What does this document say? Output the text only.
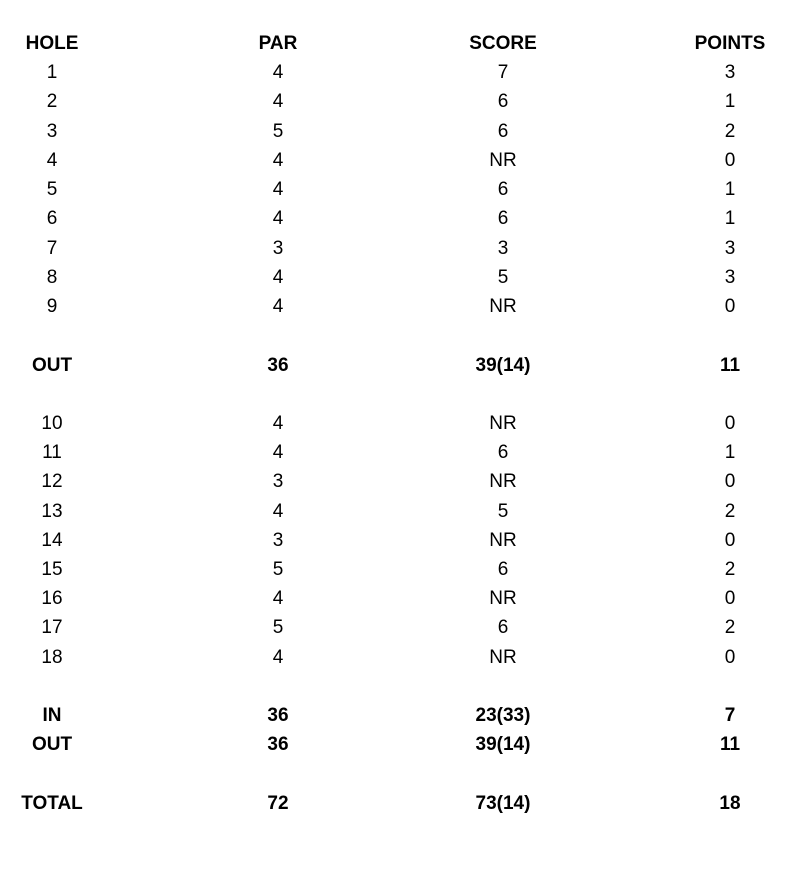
HOLE	PAR	SCORE	POINTS
1	4	7	3
2	4	6	1
3	5	6	2
4	4	NR	0
5	4	6	1
6	4	6	1
7	3	3	3
8	4	5	3
9	4	NR	0
OUT	36	39(14)	11
10	4	NR	0
11	4	6	1
12	3	NR	0
13	4	5	2
14	3	NR	0
15	5	6	2
16	4	NR	0
17	5	6	2
18	4	NR	0
IN	36	23(33)	7
OUT	36	39(14)	11
TOTAL	72	73(14)	18
